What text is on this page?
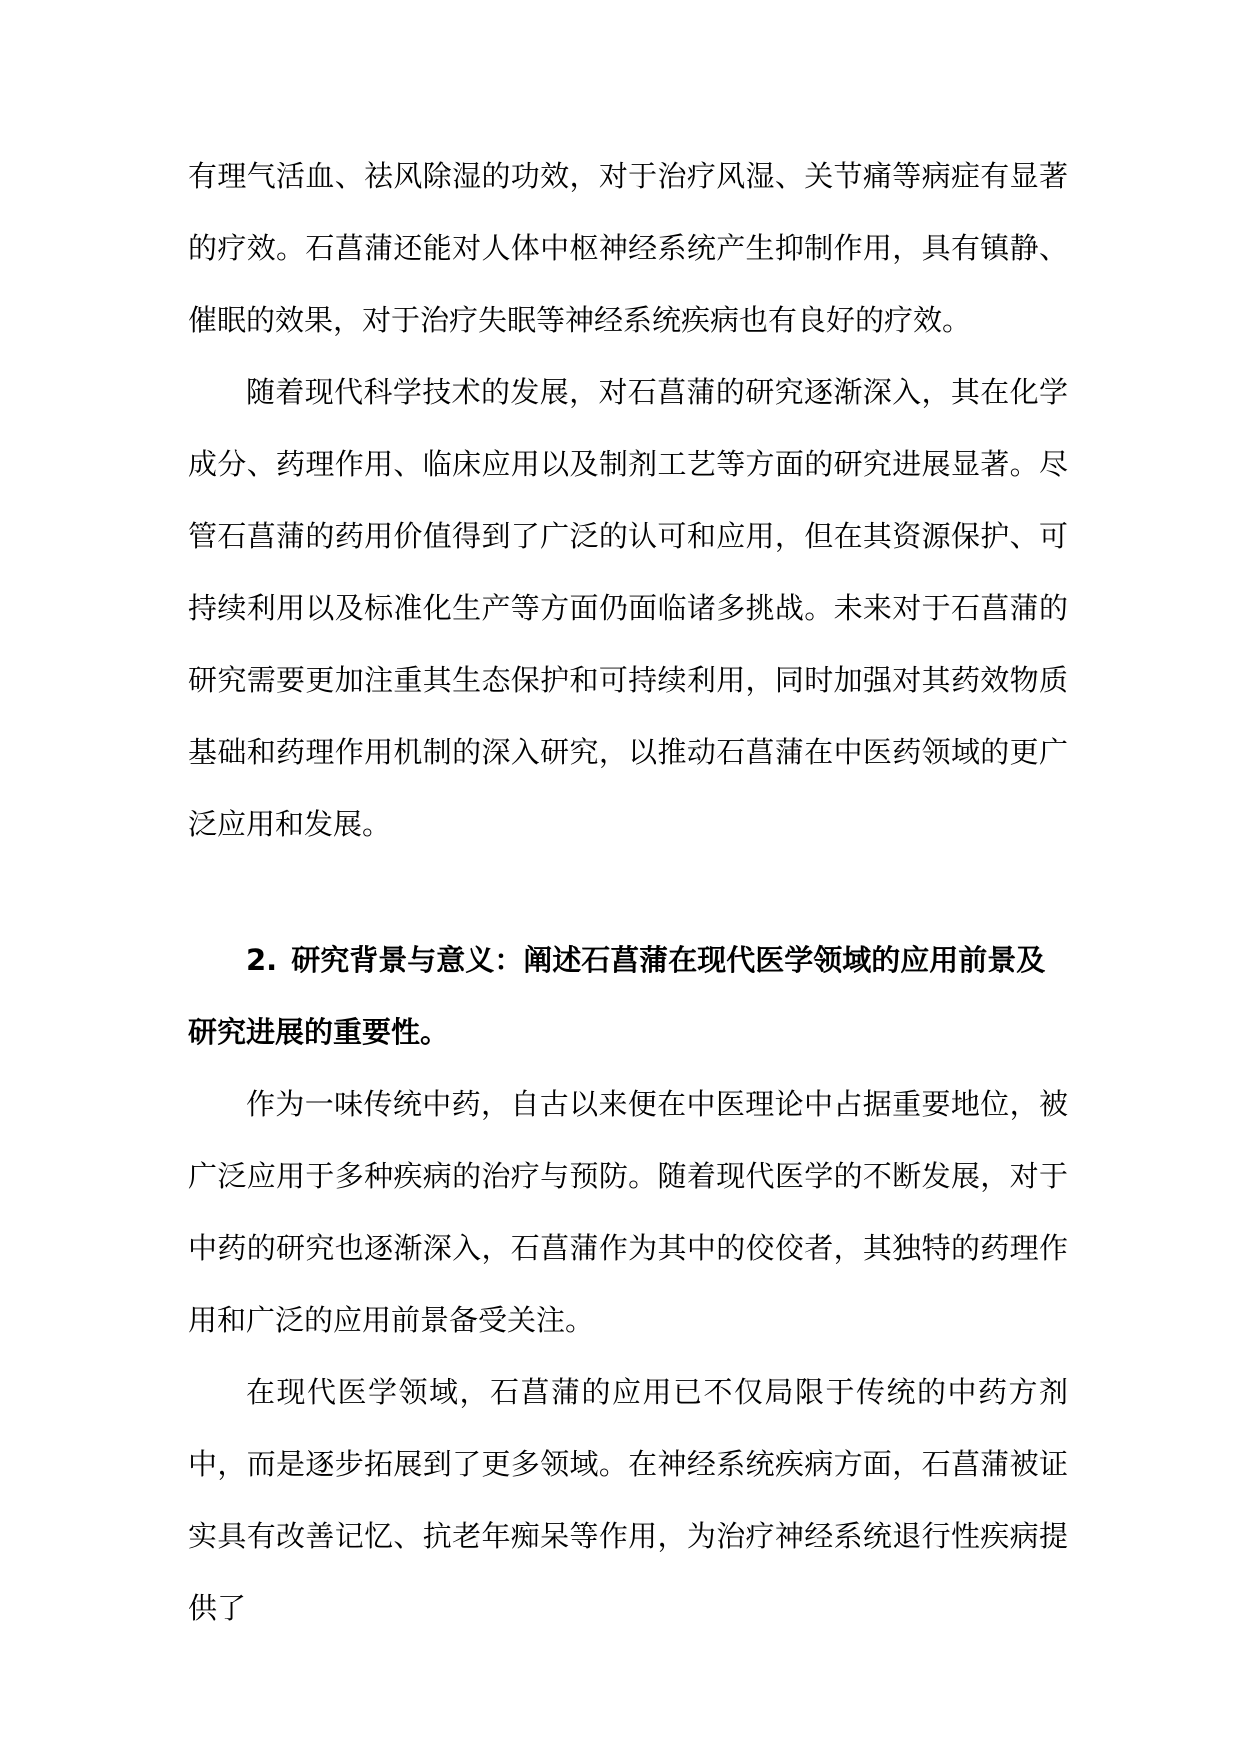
有理气活血、祛风除湿的功效，对于治疗风湿、关节痛等病症有显著的疗效。石菖蒲还能对人体中枢神经系统产生抑制作用，具有镇静、催眠的效果，对于治疗失眠等神经系统疾病也有良好的疗效。

随着现代科学技术的发展，对石菖蒲的研究逐渐深入，其在化学成分、药理作用、临床应用以及制剂工艺等方面的研究进展显著。尽管石菖蒲的药用价值得到了广泛的认可和应用，但在其资源保护、可持续利用以及标准化生产等方面仍面临诸多挑战。未来对于石菖蒲的研究需要更加注重其生态保护和可持续利用，同时加强对其药效物质基础和药理作用机制的深入研究，以推动石菖蒲在中医药领域的更广泛应用和发展。

2. 研究背景与意义：阐述石菖蒲在现代医学领域的应用前景及研究进展的重要性。

作为一味传统中药，自古以来便在中医理论中占据重要地位，被广泛应用于多种疾病的治疗与预防。随着现代医学的不断发展，对于中药的研究也逐渐深入，石菖蒲作为其中的佼佼者，其独特的药理作用和广泛的应用前景备受关注。

在现代医学领域，石菖蒲的应用已不仅局限于传统的中药方剂中，而是逐步拓展到了更多领域。在神经系统疾病方面，石菖蒲被证实具有改善记忆、抗老年痴呆等作用，为治疗神经系统退行性疾病提供了
